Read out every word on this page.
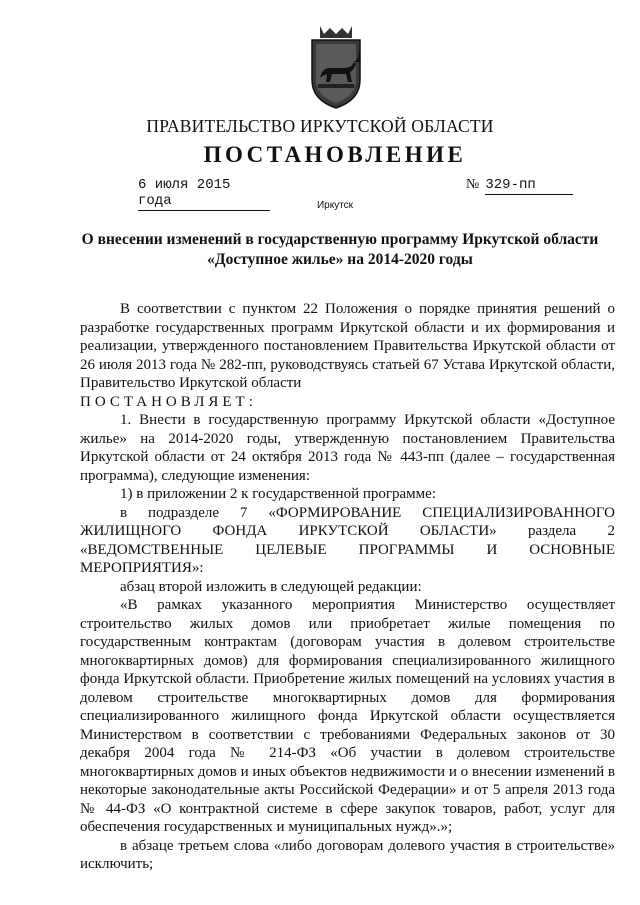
ПРАВИТЕЛЬСТВО ИРКУТСКОЙ ОБЛАСТИ
ПОСТАНОВЛЕНИЕ
6 июля 2015 года
№ 329-пп
Иркутск
О внесении изменений в государственную программу Иркутской области
«Доступное жилье» на 2014-2020 годы

В соответствии с пунктом 22 Положения о порядке принятия решений о разработке государственных программ Иркутской области и их формирования и реализации, утвержденного постановлением Правительства Иркутской области от 26 июля 2013 года № 282-пп, руководствуясь статьей 67 Устава Иркутской области, Правительство Иркутской области

ПОСТАНОВЛЯЕТ:

1. Внести в государственную программу Иркутской области «Доступное жилье» на 2014-2020 годы, утвержденную постановлением Правительства Иркутской области от 24 октября 2013 года № 443-пп (далее – государственная программа), следующие изменения:

1) в приложении 2 к государственной программе:

в подразделе 7 «ФОРМИРОВАНИЕ СПЕЦИАЛИЗИРОВАННОГО ЖИЛИЩНОГО ФОНДА ИРКУТСКОЙ ОБЛАСТИ» раздела 2 «ВЕДОМСТВЕННЫЕ ЦЕЛЕВЫЕ ПРОГРАММЫ И ОСНОВНЫЕ МЕРОПРИЯТИЯ»:

абзац второй изложить в следующей редакции:

«В рамках указанного мероприятия Министерство осуществляет строительство жилых домов или приобретает жилые помещения по государственным контрактам (договорам участия в долевом строительстве многоквартирных домов) для формирования специализированного жилищного фонда Иркутской области. Приобретение жилых помещений на условиях участия в долевом строительстве многоквартирных домов для формирования специализированного жилищного фонда Иркутской области осуществляется Министерством в соответствии с требованиями Федеральных законов от 30 декабря 2004 года № 214-ФЗ «Об участии в долевом строительстве многоквартирных домов и иных объектов недвижимости и о внесении изменений в некоторые законодательные акты Российской Федерации» и от 5 апреля 2013 года № 44-ФЗ «О контрактной системе в сфере закупок товаров, работ, услуг для обеспечения государственных и муниципальных нужд».»;

в абзаце третьем слова «либо договорам долевого участия в строительстве» исключить;
